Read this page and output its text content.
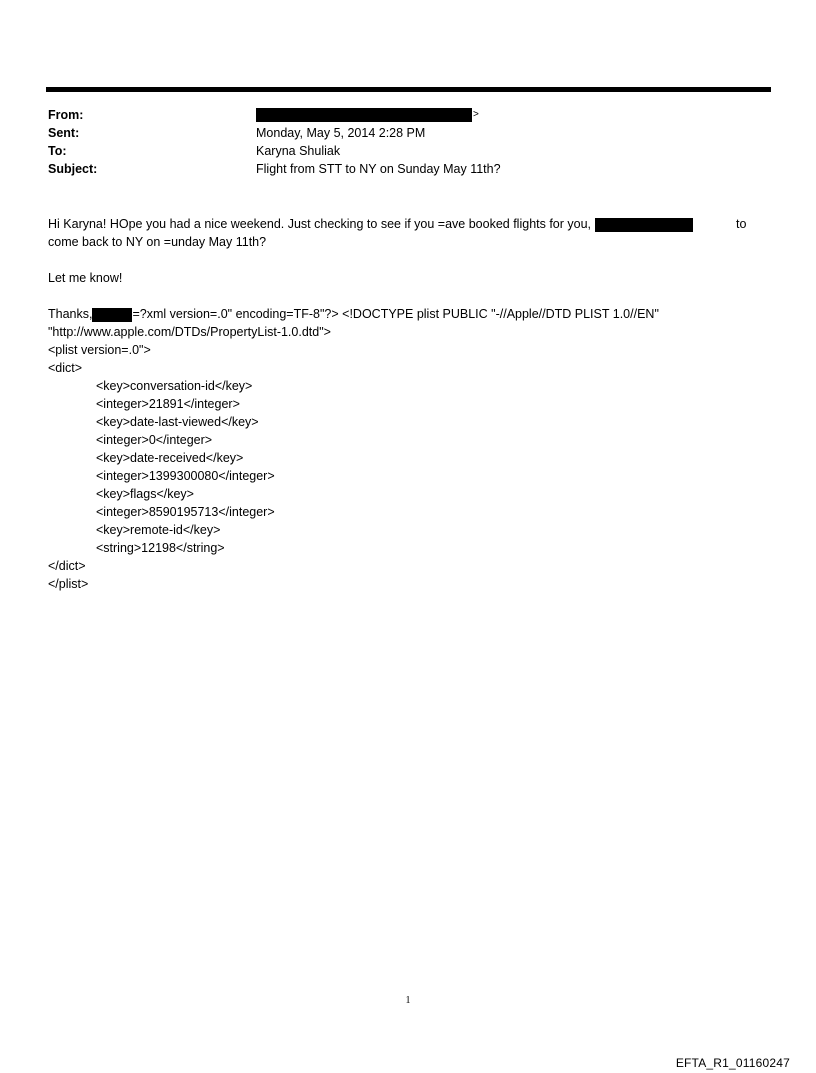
From:	>
Sent:	Monday, May 5, 2014 2:28 PM
To:	Karyna Shuliak
Subject:	Flight from STT to NY on Sunday May 11th?
Hi Karyna! HOpe you had a nice weekend. Just checking to see if you =ave booked flights for you,	to
come back to NY on =unday May 11th?
Let me know!
Thanks,	=?xml version=.0" encoding=TF-8"?> <!DOCTYPE plist PUBLIC "-//Apple//DTD PLIST 1.0//EN"
"http://www.apple.com/DTDs/PropertyList-1.0.dtd">
<plist version=.0">
<dict>
<key>conversation-id</key>
<integer>21891</integer>
<key>date-last-viewed</key>
<integer>0</integer>
<key>date-received</key>
<integer>1399300080</integer>
<key>flags</key>
<integer>8590195713</integer>
<key>remote-id</key>
<string>12198</string>
</dict>
</plist>
1
EFTA_R1_01160247
